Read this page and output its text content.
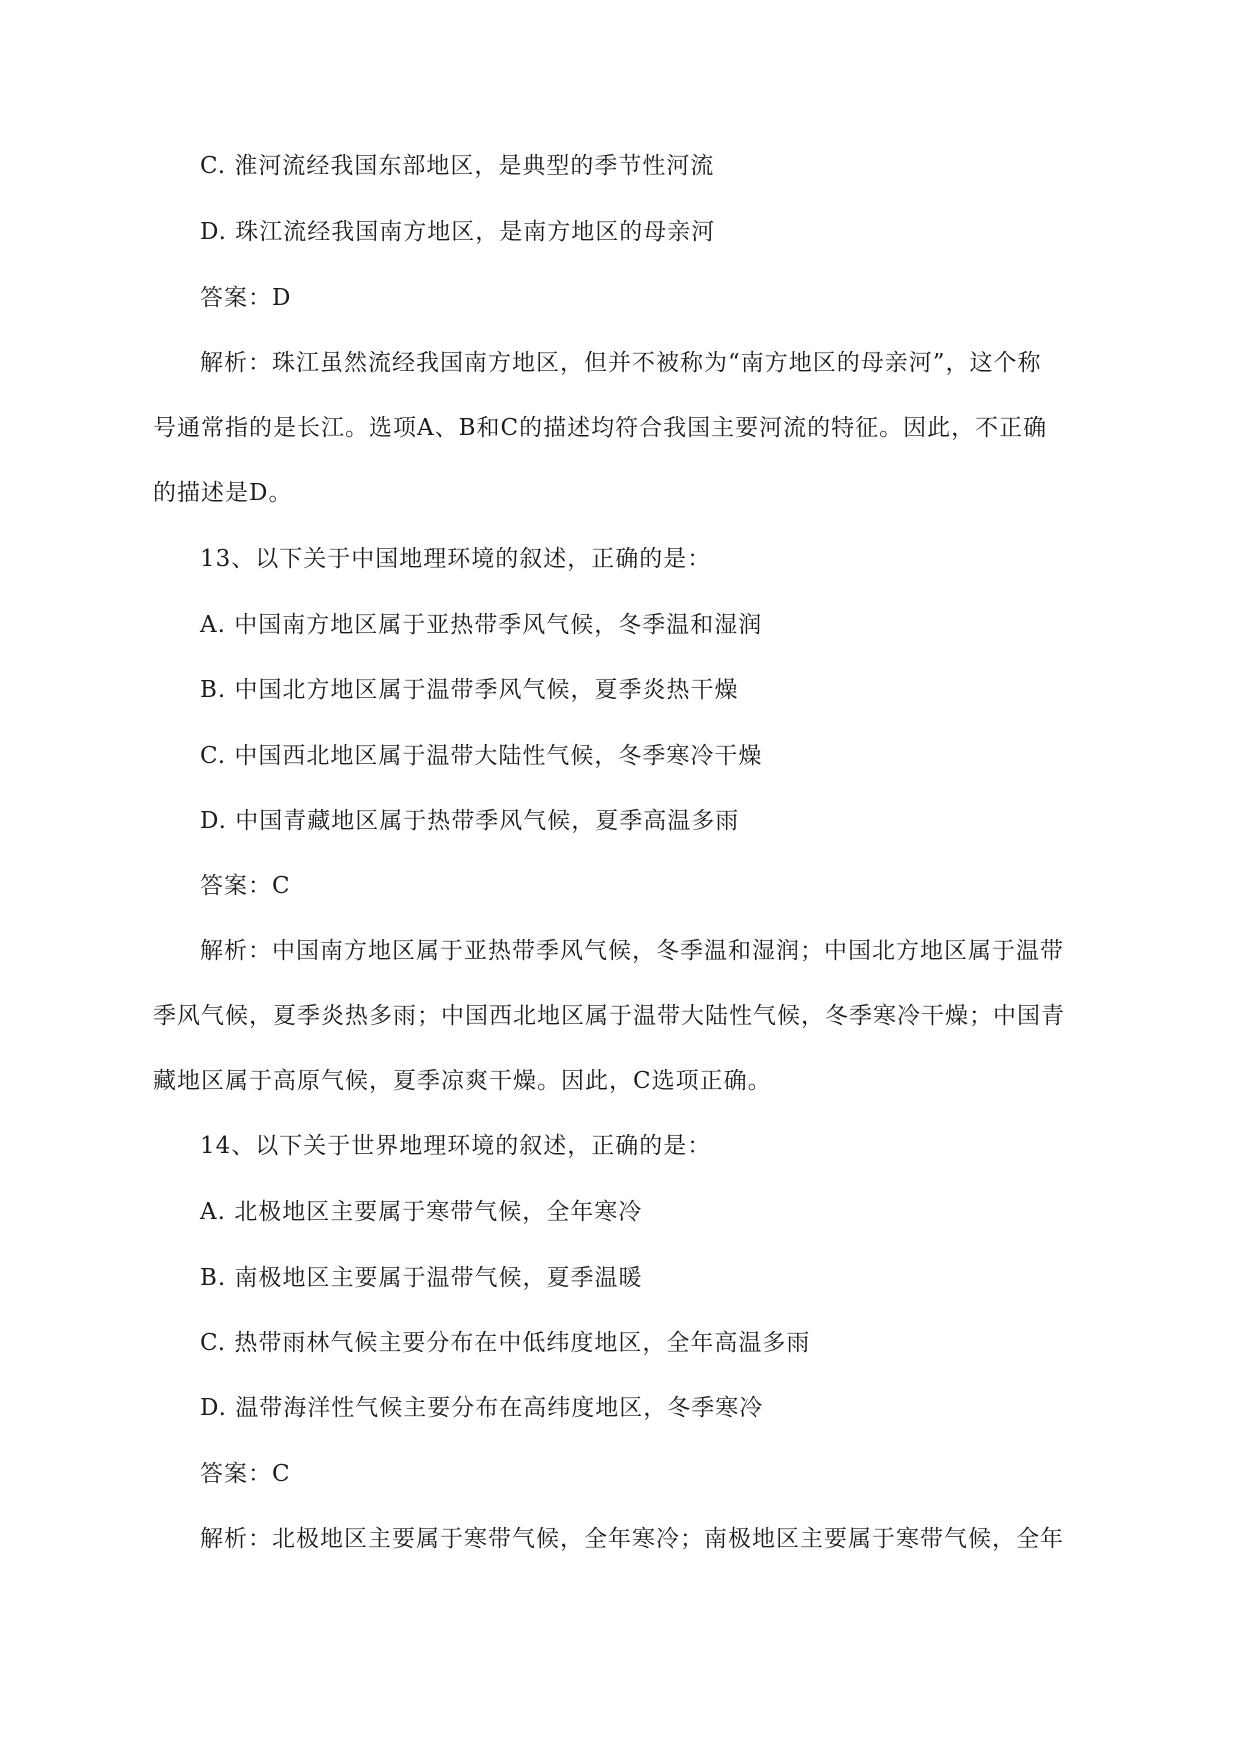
C. 淮河流经我国东部地区，是典型的季节性河流
D. 珠江流经我国南方地区，是南方地区的母亲河
答案：D
解析：珠江虽然流经我国南方地区，但并不被称为“南方地区的母亲河”，这个称
号通常指的是长江。选项A、B和C的描述均符合我国主要河流的特征。因此，不正确
的描述是D。
13、以下关于中国地理环境的叙述，正确的是：
A. 中国南方地区属于亚热带季风气候，冬季温和湿润
B. 中国北方地区属于温带季风气候，夏季炎热干燥
C. 中国西北地区属于温带大陆性气候，冬季寒冷干燥
D. 中国青藏地区属于热带季风气候，夏季高温多雨
答案：C
解析：中国南方地区属于亚热带季风气候，冬季温和湿润；中国北方地区属于温带
季风气候，夏季炎热多雨；中国西北地区属于温带大陆性气候，冬季寒冷干燥；中国青
藏地区属于高原气候，夏季凉爽干燥。因此，C选项正确。
14、以下关于世界地理环境的叙述，正确的是：
A. 北极地区主要属于寒带气候，全年寒冷
B. 南极地区主要属于温带气候，夏季温暖
C. 热带雨林气候主要分布在中低纬度地区，全年高温多雨
D. 温带海洋性气候主要分布在高纬度地区，冬季寒冷
答案：C
解析：北极地区主要属于寒带气候，全年寒冷；南极地区主要属于寒带气候，全年
